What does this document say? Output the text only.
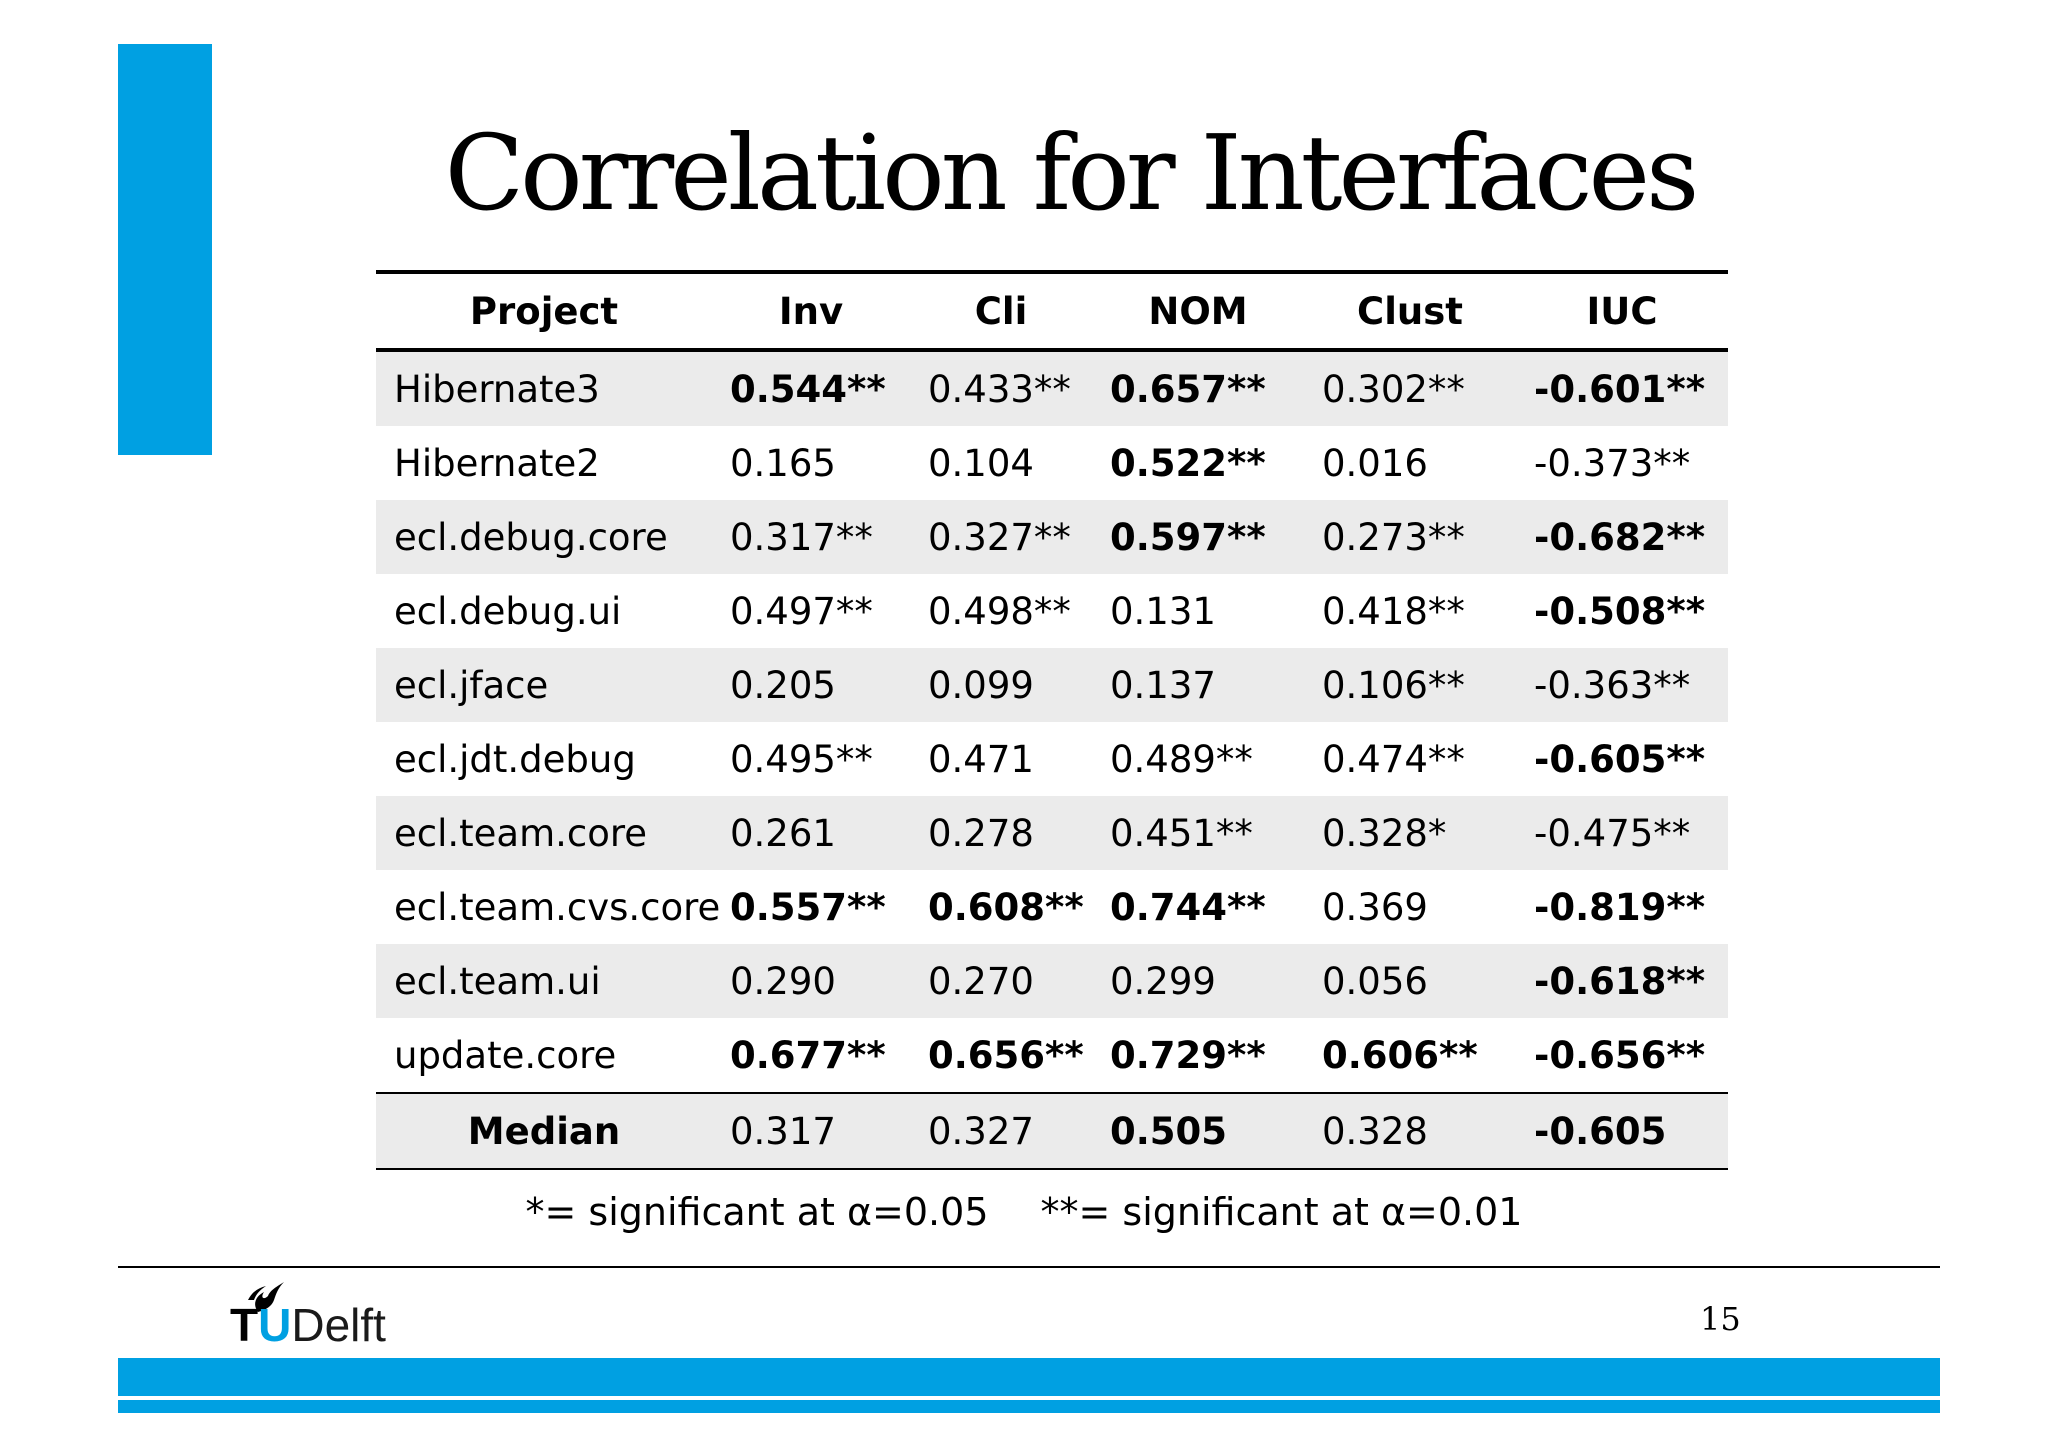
Correlation for Interfaces
Project	Inv	Cli	NOM	Clust	IUC
Hibernate3	0.544**	0.433**	0.657**	0.302**	-0.601**
Hibernate2	0.165	0.104	0.522**	0.016	-0.373**
ecl.debug.core	0.317**	0.327**	0.597**	0.273**	-0.682**
ecl.debug.ui	0.497**	0.498**	0.131	0.418**	-0.508**
ecl.jface	0.205	0.099	0.137	0.106**	-0.363**
ecl.jdt.debug	0.495**	0.471	0.489**	0.474**	-0.605**
ecl.team.core	0.261	0.278	0.451**	0.328*	-0.475**
ecl.team.cvs.core	0.557**	0.608**	0.744**	0.369	-0.819**
ecl.team.ui	0.290	0.270	0.299	0.056	-0.618**
update.core	0.677**	0.656**	0.729**	0.606**	-0.656**
Median	0.317	0.327	0.505	0.328	-0.605
*= significant at α=0.05 **= significant at α=0.01
TUDelft	15
